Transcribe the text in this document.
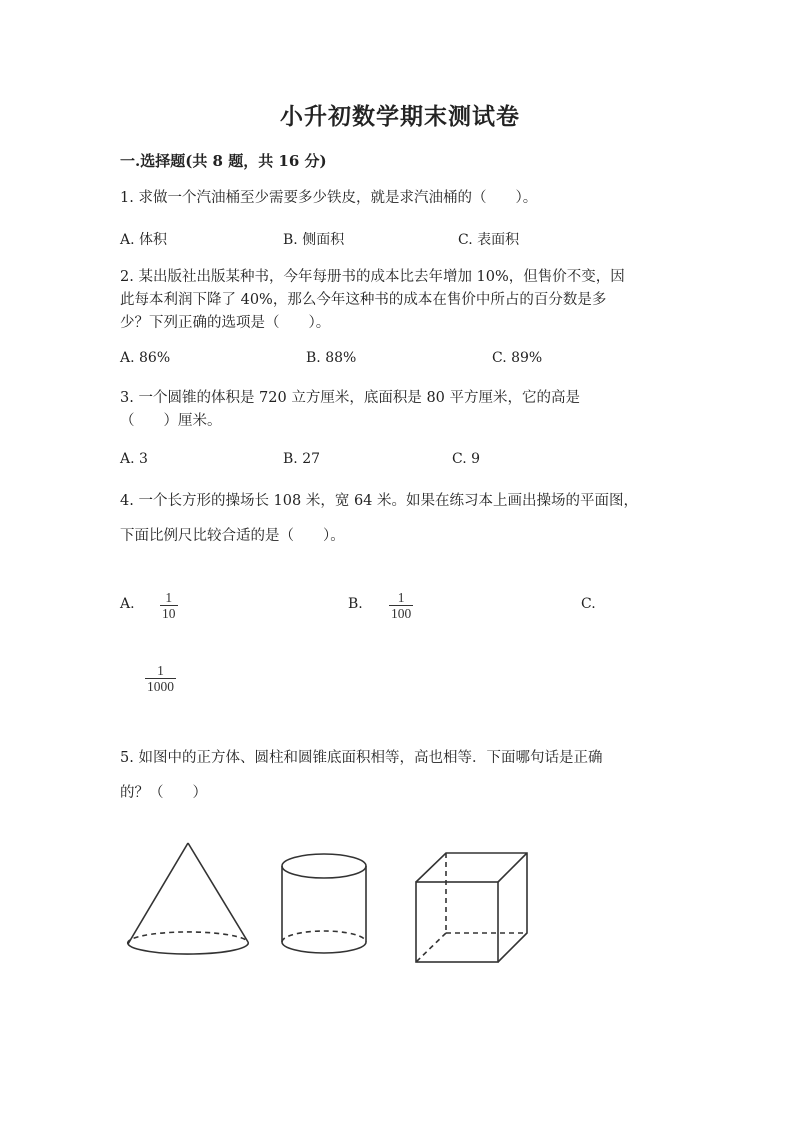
小升初数学期末测试卷
一.选择题(共 8 题，共 16 分)
1. 求做一个汽油桶至少需要多少铁皮，就是求汽油桶的（　　）。
A. 体积	B. 侧面积	C. 表面积
2. 某出版社出版某种书，今年每册书的成本比去年增加 10%，但售价不变，因
此每本利润下降了 40%，那么今年这种书的成本在售价中所占的百分数是多
少？下列正确的选项是（　　）。
A. 86%	B. 88%	C. 89%
3. 一个圆锥的体积是 720 立方厘米，底面积是 80 平方厘米，它的高是
（　　）厘米。
A. 3	B. 27	C. 9
4. 一个长方形的操场长 108 米，宽 64 米。如果在练习本上画出操场的平面图，
下面比例尺比较合适的是（　　）。
A. $\frac{1}{10}$	B. $\frac{1}{100}$	C.
$\frac{1}{1000}$
5. 如图中的正方体、圆柱和圆锥底面积相等，高也相等．下面哪句话是正确
的？（　　）
